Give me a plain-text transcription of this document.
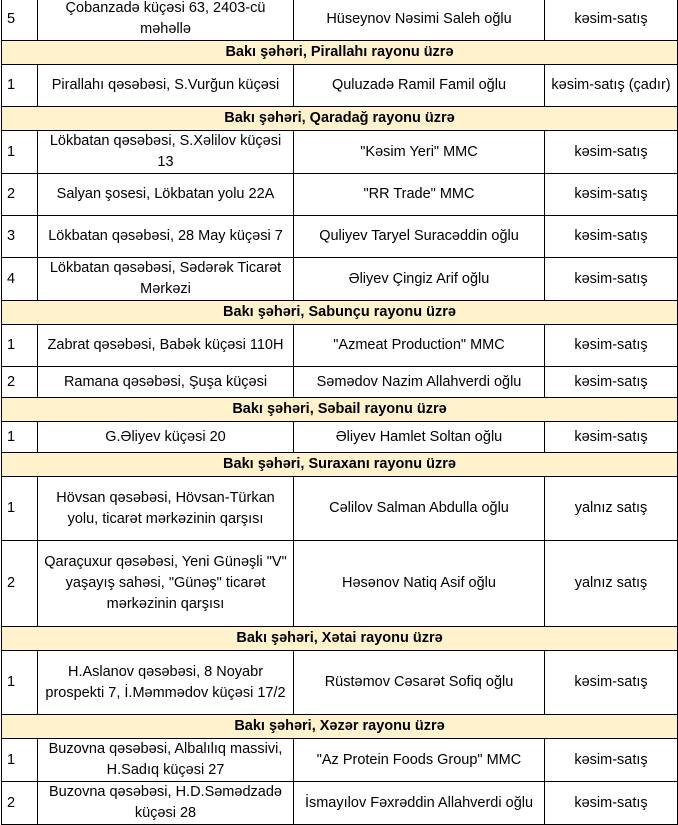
5	Çobanzadə küçəsi 63, 2403-cü məhəllə	Hüseynov Nəsimi Saleh oğlu	kəsim-satış
Bakı şəhəri, Pirallahı rayonu üzrə			
1	Pirallahı qəsəbəsi, S.Vurğun küçəsi	Quluzadə Ramil Famil oğlu	kəsim-satış (çadır)
Bakı şəhəri, Qaradağ rayonu üzrə			
1	Lökbatan qəsəbəsi, S.Xəlilov küçəsi 13	"Kəsim Yeri" MMC	kəsim-satış
2	Salyan şosesi, Lökbatan yolu 22A	"RR Trade" MMC	kəsim-satış
3	Lökbatan qəsəbəsi, 28 May küçəsi 7	Quliyev Taryel Suracəddin oğlu	kəsim-satış
4	Lökbatan qəsəbəsi, Sədərək Ticarət Mərkəzi	Əliyev Çingiz Arif oğlu	kəsim-satış
Bakı şəhəri, Sabunçu rayonu üzrə			
1	Zabrat qəsəbəsi, Babək küçəsi 110H	"Azmeat Production" MMC	kəsim-satış
2	Ramana qəsəbəsi, Şuşa küçəsi	Səmədov Nazim Allahverdi oğlu	kəsim-satış
Bakı şəhəri, Səbail rayonu üzrə			
1	G.Əliyev küçəsi 20	Əliyev Hamlet Soltan oğlu	kəsim-satış
Bakı şəhəri, Suraxanı rayonu üzrə			
1	Hövsan qəsəbəsi, Hövsan-Türkan yolu, ticarət mərkəzinin qarşısı	Cəlilov Salman Abdulla oğlu	yalnız satış
2	Qaraçuxur qəsəbəsi, Yeni Günəşli "V" yaşayış sahəsi, "Günəş" ticarət mərkəzinin qarşısı	Həsənov Natiq Asif oğlu	yalnız satış
Bakı şəhəri, Xətai rayonu üzrə			
1	H.Aslanov qəsəbəsi, 8 Noyabr prospekti 7, İ.Məmmədov küçəsi 17/2	Rüstəmov Cəsarət Sofiq oğlu	kəsim-satış
Bakı şəhəri, Xəzər rayonu üzrə			
1	Buzovna qəsəbəsi, Albalılıq massivi, H.Sadıq küçəsi 27	"Az Protein Foods Group" MMC	kəsim-satış
2	Buzovna qəsəbəsi, H.D.Səmədzadə küçəsi 28	İsmayılov Fəxrəddin Allahverdi oğlu	kəsim-satış
